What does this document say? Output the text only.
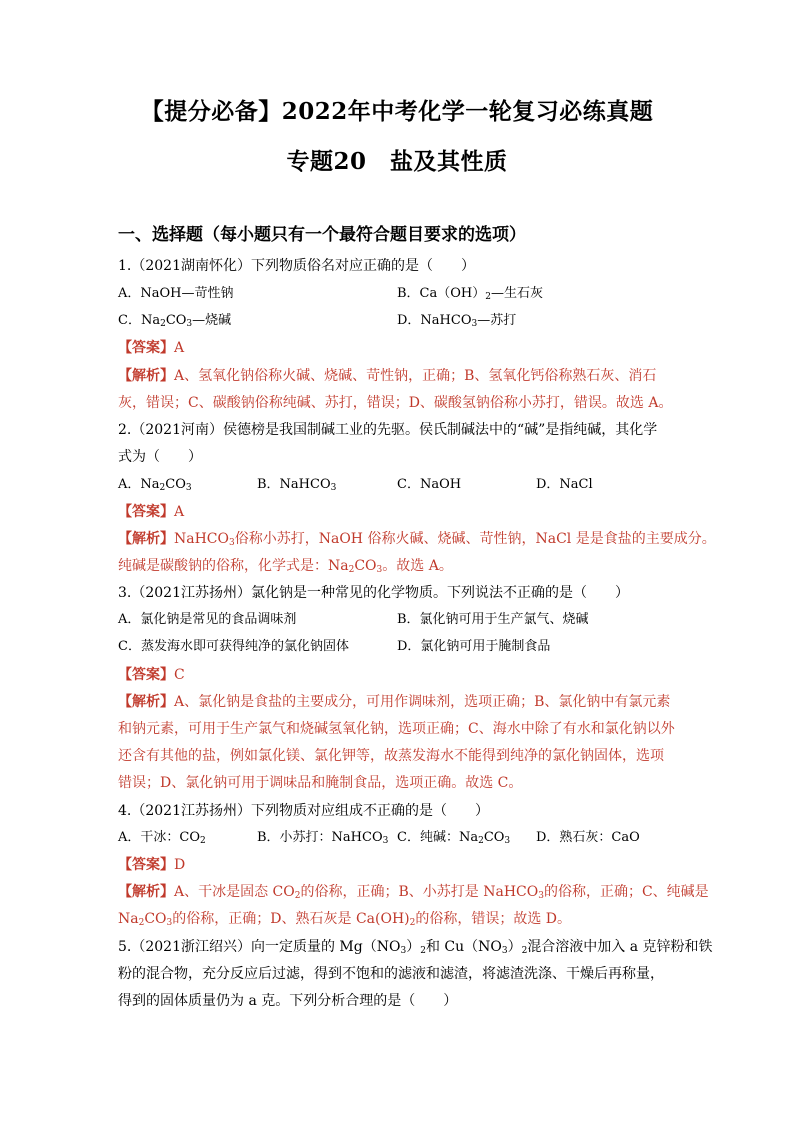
【提分必备】2022年中考化学一轮复习必练真题
专题20　盐及其性质
一、选择题（每小题只有一个最符合题目要求的选项）
1.（2021湖南怀化）下列物质俗名对应正确的是（　　）
A．NaOH—苛性钠	B．$Ca(OH)_2—$生石灰
C．$Na_2CO_3—$烧碱	D．NaHCO$_3$—苏打
【答案】A
【解析】A、氢氧化钠俗称火碱、烧碱、苛性钠，正确；B、氢氧化钙俗称熟石灰、消石
灰，错误；C、碳酸钠俗称纯碱、苏打，错误；D、碳酸氢钠俗称小苏打，错误。故选 A。
2.（2021河南）侯德榜是我国制碱工业的先驱。侯氏制碱法中的“碱”是指纯碱，其化学
式为（　　）
A．$Na_2CO_3$	B．NaHCO$_3$	C．NaOH	D．NaCl
【答案】A
【解析】NaHCO$_3$俗称小苏打，NaOH 俗称火碱、烧碱、苛性钠，NaCl 是是食盐的主要成分。
纯碱是碳酸钠的俗称，化学式是：$Na_2CO_3$。故选 A。
3.（2021江苏扬州）氯化钠是一种常见的化学物质。下列说法不正确的是（　　）
A．氯化钠是常见的食品调味剂	B．氯化钠可用于生产氯气、烧碱
C．蒸发海水即可获得纯净的氯化钠固体	D．氯化钠可用于腌制食品
【答案】C
【解析】A、氯化钠是食盐的主要成分，可用作调味剂，选项正确；B、氯化钠中有氯元素
和钠元素，可用于生产氯气和烧碱氢氧化钠，选项正确；C、海水中除了有水和氯化钠以外
还含有其他的盐，例如氯化镁、氯化钾等，故蒸发海水不能得到纯净的氯化钠固体，选项
错误；D、氯化钠可用于调味品和腌制食品，选项正确。故选 C。
4.（2021江苏扬州）下列物质对应组成不正确的是（　　）
A．干冰：$CO_2$	B．小苏打：NaHCO$_3$ C．纯碱：$Na_2CO_3$ D．熟石灰：CaO
【答案】D
【解析】A、干冰是固态 $CO_2$的俗称，正确；B、小苏打是 NaHCO$_3$的俗称，正确；C、纯碱是
$Na_2CO_3$的俗称，正确；D、熟石灰是 $Ca(OH)_2$的俗称，错误；故选 D。
5.（2021浙江绍兴）向一定质量的 $Mg(NO_3)_2$和 $Cu(NO_3)_2$混合溶液中加入 a 克锌粉和铁
粉的混合物，充分反应后过滤，得到不饱和的滤液和滤渣，将滤渣洗涤、干燥后再称量，
得到的固体质量仍为 a 克。下列分析合理的是（　　）
